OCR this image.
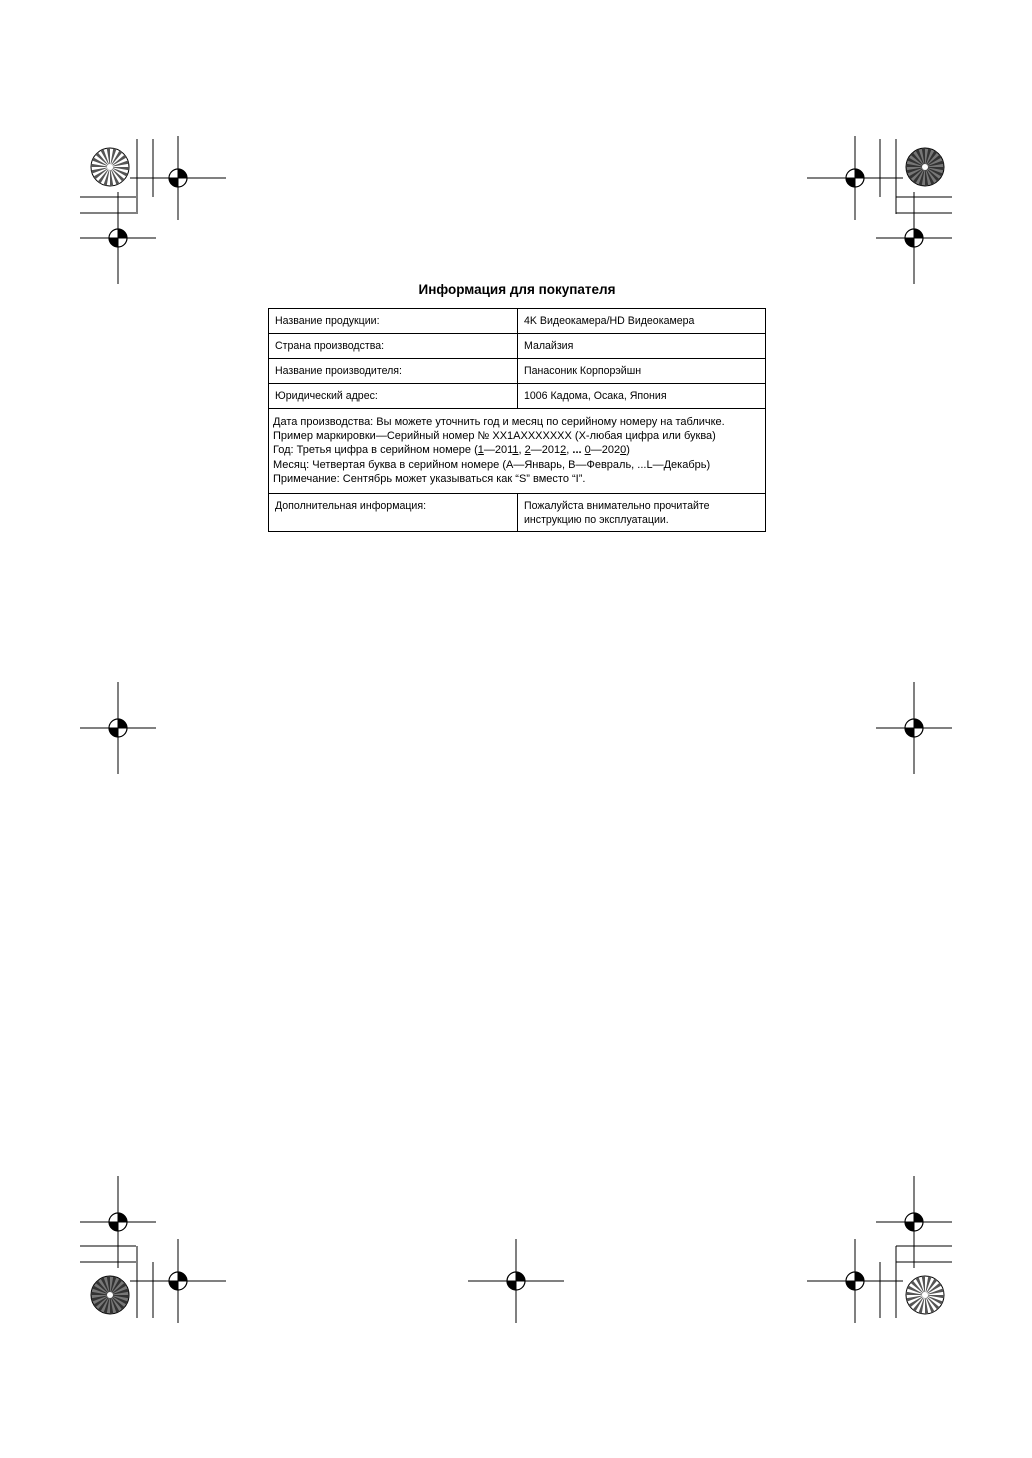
Информация для покупателя
Название продукции:	4K Видеокамера/HD Видеокамера
Страна производства:	Малайзия
Название производителя:	Панасоник Корпорэйшн
Юридический адрес:	1006 Кадома, Осака, Япония

Дата производства: Вы можете уточнить год и месяц по серийному номеру на табличке.
Пример маркировки—Серийный номер № XX1AXXXXXXX (X-любая цифра или буква)
Год: Третья цифра в серийном номере (1—2011, 2—2012, ... 0—2020)
Месяц: Четвертая буква в серийном номере (A—Январь, B—Февраль, ...L—Декабрь)
Примечание: Сентябрь может указываться как “S” вместо “I”.	

Дополнительная информация:	Пожалуйста внимательно прочитайте
инструкцию по эксплуатации.
